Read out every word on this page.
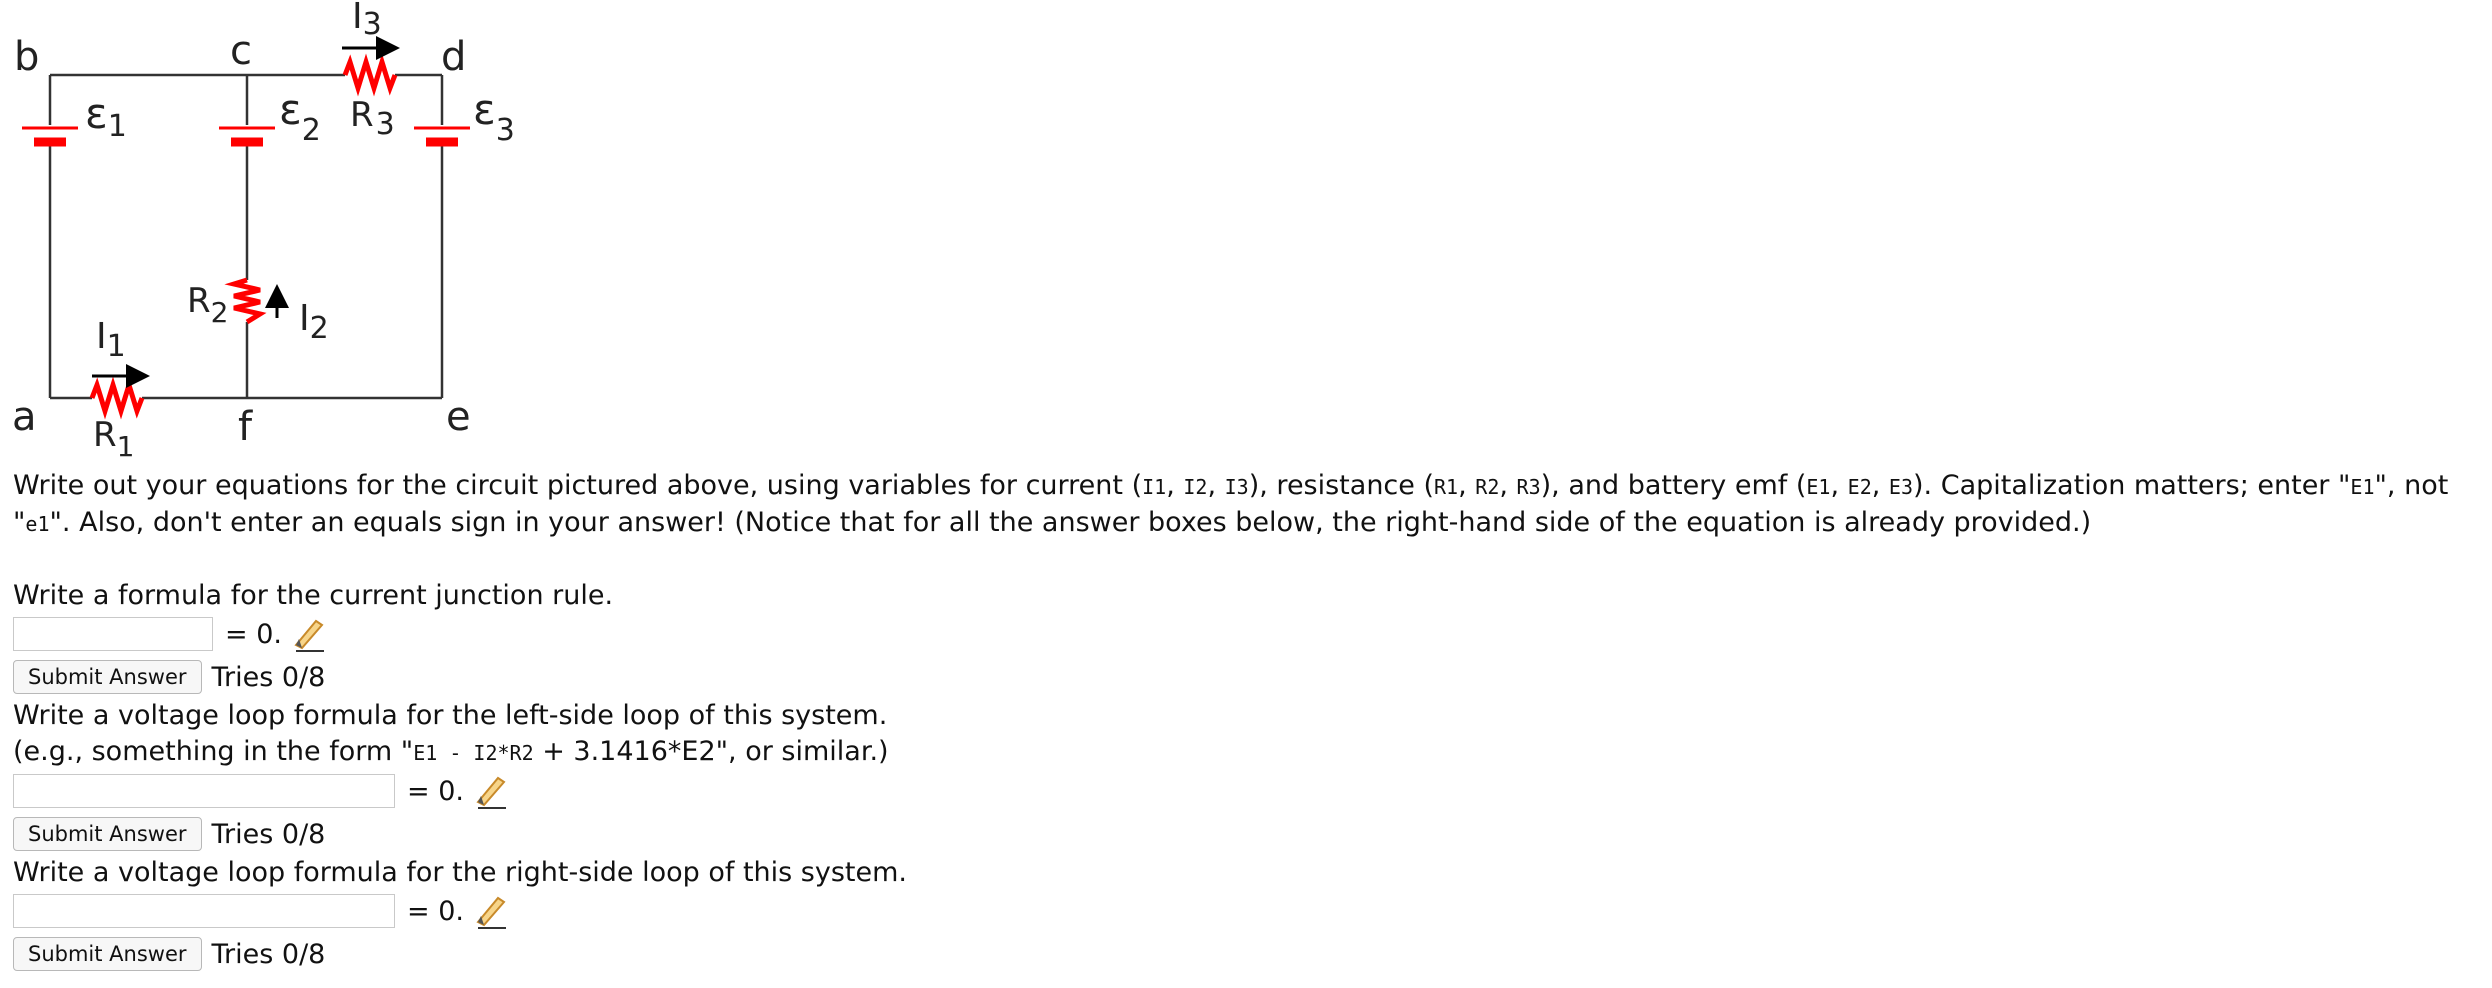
b	c	d
a	f	e
ε1	$\varepsilon_2$	$\varepsilon_3$
R3
$R_2$
$R_1$
I3
$I_2$
$I_1$
Write out your equations for the circuit pictured above, using variables for current (I1, I2, I3), resistance (R1, R2, R3), and battery emf (E1, E2, E3). Capitalization matters; enter "E1", not
"e1". Also, don't enter an equals sign in your answer! (Notice that for all the answer boxes below, the right-hand side of the equation is already provided.)
Write a formula for the current junction rule.
= 0.
Submit Answer Tries 0/8
Write a voltage loop formula for the left-side loop of this system.
(e.g., something in the form "E1 - I2*R2 + 3.1416*E2", or similar.)
= 0.
Submit Answer Tries 0/8
Write a voltage loop formula for the right-side loop of this system.
= 0.
Submit Answer Tries 0/8
